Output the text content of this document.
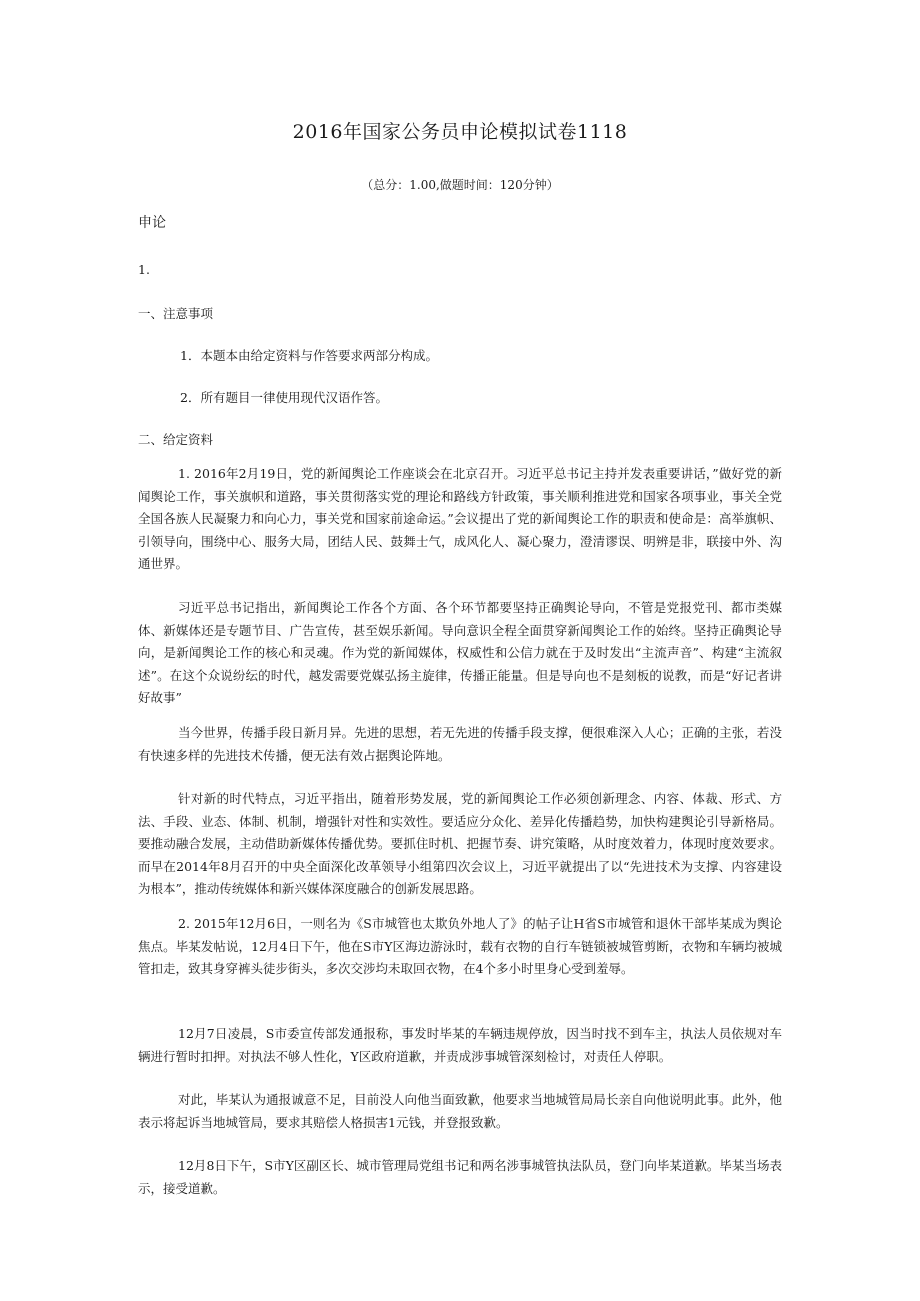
2016年国家公务员申论模拟试卷1118
（总分：1.00,做题时间：120分钟）
申论
1.
一、注意事项
1．本题本由给定资料与作答要求两部分构成。
2．所有题目一律使用现代汉语作答。
二、给定资料

1. 2016年2月19日，党的新闻舆论工作座谈会在北京召开。习近平总书记主持并发表重要讲话，”做好党的新闻舆论工作，事关旗帜和道路，事关贯彻落实党的理论和路线方针政策，事关顺利推进党和国家各项事业，事关全党全国各族人民凝聚力和向心力，事关党和国家前途命运。”会议提出了党的新闻舆论工作的职责和使命是：高举旗帜、引领导向，围绕中心、服务大局，团结人民、鼓舞士气，成风化人、凝心聚力，澄清谬误、明辨是非，联接中外、沟通世界。

习近平总书记指出，新闻舆论工作各个方面、各个环节都要坚持正确舆论导向，不管是党报党刊、都市类媒体、新媒体还是专题节目、广告宣传，甚至娱乐新闻。导向意识全程全面贯穿新闻舆论工作的始终。坚持正确舆论导向，是新闻舆论工作的核心和灵魂。作为党的新闻媒体，权威性和公信力就在于及时发出“主流声音”、构建“主流叙述”。在这个众说纷纭的时代，越发需要党媒弘扬主旋律，传播正能量。但是导向也不是刻板的说教，而是“好记者讲好故事”

当今世界，传播手段日新月异。先进的思想，若无先进的传播手段支撑，便很难深入人心；正确的主张，若没有快速多样的先进技术传播，便无法有效占据舆论阵地。

针对新的时代特点，习近平指出，随着形势发展，党的新闻舆论工作必须创新理念、内容、体裁、形式、方法、手段、业态、体制、机制，增强针对性和实效性。要适应分众化、差异化传播趋势，加快构建舆论引导新格局。要推动融合发展，主动借助新媒体传播优势。要抓住时机、把握节奏、讲究策略，从时度效着力，体现时度效要求。而早在2014年8月召开的中央全面深化改革领导小组第四次会议上，习近平就提出了以“先进技术为支撑、内容建设为根本”，推动传统媒体和新兴媒体深度融合的创新发展思路。

2. 2015年12月6日，一则名为《S市城管也太欺负外地人了》的帖子让H省S市城管和退休干部毕某成为舆论焦点。毕某发帖说，12月4日下午，他在S市Y区海边游泳时，载有衣物的自行车链锁被城管剪断，衣物和车辆均被城管扣走，致其身穿裤头徒步街头，多次交涉均未取回衣物，在4个多小时里身心受到羞辱。

12月7日凌晨，S市委宣传部发通报称，事发时毕某的车辆违规停放，因当时找不到车主，执法人员依规对车辆进行暂时扣押。对执法不够人性化，Y区政府道歉，并责成涉事城管深刻检讨，对责任人停职。

对此，毕某认为通报诚意不足，目前没人向他当面致歉，他要求当地城管局局长亲自向他说明此事。此外，他表示将起诉当地城管局，要求其赔偿人格损害1元钱，并登报致歉。

12月8日下午，S市Y区副区长、城市管理局党组书记和两名涉事城管执法队员，登门向毕某道歉。毕某当场表示，接受道歉。
